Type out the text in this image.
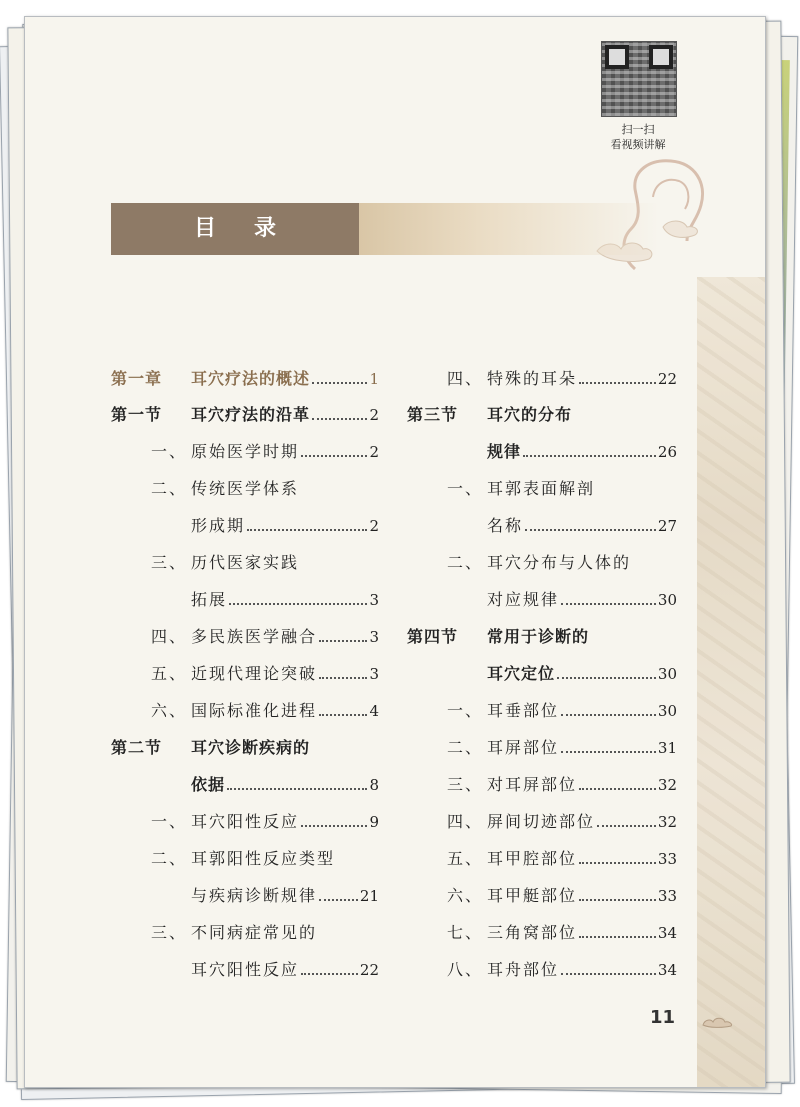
扫一扫
看视频讲解
目录
第一章 耳穴疗法的概述	1
第一节 耳穴疗法的沿革	2
一、 原始医学时期	2
二、 传统医学体系
形成期	2
三、 历代医家实践
拓展	3
四、 多民族医学融合	3
五、 近现代理论突破	3
六、 国际标准化进程	4
第二节 耳穴诊断疾病的
依据	8
一、 耳穴阳性反应	9
二、 耳郭阳性反应类型
与疾病诊断规律	21
三、 不同病症常见的
耳穴阳性反应	22
四、 特殊的耳朵	22
第三节 耳穴的分布
规律	26
一、 耳郭表面解剖
名称	27
二、 耳穴分布与人体的
对应规律	30
第四节 常用于诊断的
耳穴定位	30
一、 耳垂部位	30
二、 耳屏部位	31
三、 对耳屏部位	32
四、 屏间切迹部位	32
五、 耳甲腔部位	33
六、 耳甲艇部位	33
七、 三角窝部位	34
八、 耳舟部位	34
11
